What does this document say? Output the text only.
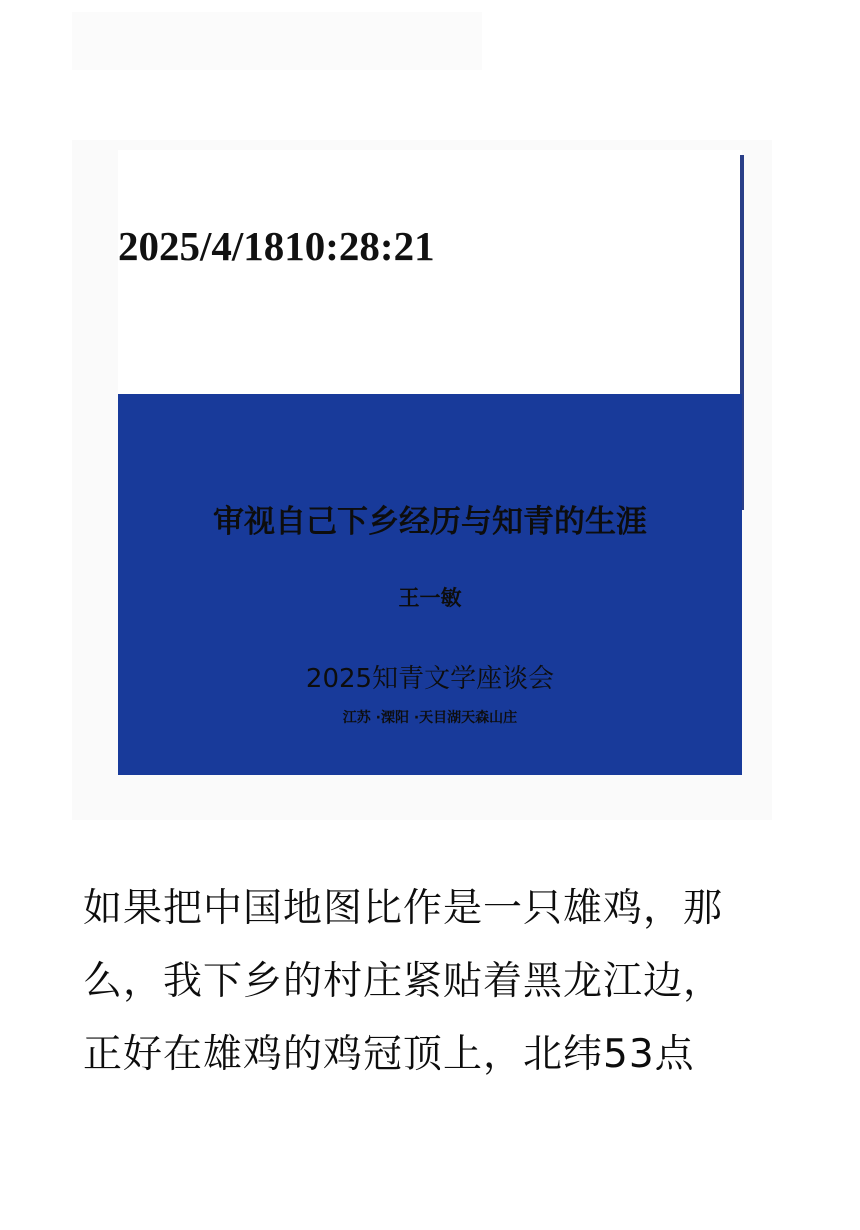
2025/4/1810:28:21
审视自己下乡经历与知青的生涯
王一敏
2025知青文学座谈会
江苏 ·溧阳 ·天目湖天森山庄

如果把中国地图比作是一只雄鸡，那
么，我下乡的村庄紧贴着黑龙江边，
正好在雄鸡的鸡冠顶上，北纬53点
